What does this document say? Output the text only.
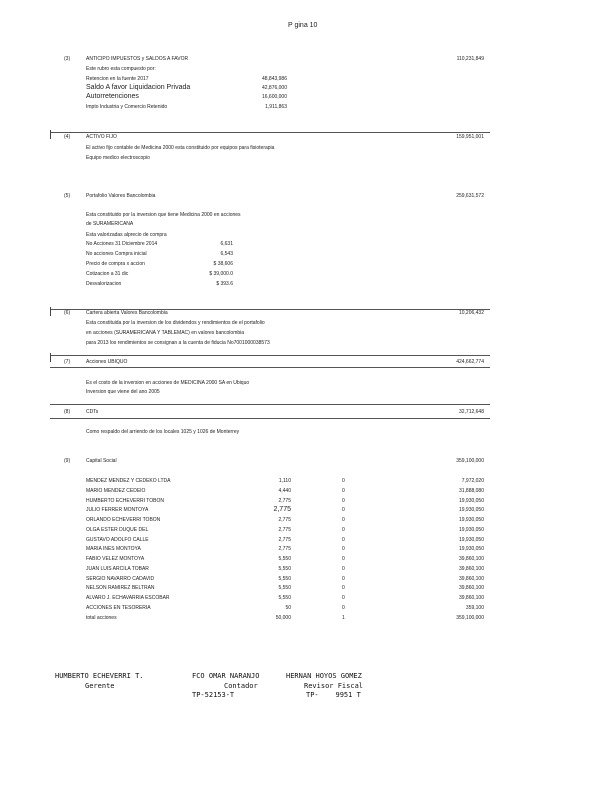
P gina 10
(3)	ANTICIPO IMPUESTOS y SALDOS A FAVOR	110,231,849
Este rubro esta compuesto por:
Retencion en la fuente 2017	48,843,986
Saldo A favor Liquidacion Privada	42,876,000
Autorretenciones	16,600,000
Impto Industria y Comercio Retenido	1,911,863
(4)	ACTIVO FIJO	159,951,001
El activo fijo contable de Medicina 2000 esta constituido por equipos para fisioterapia
Equipo medico electroscopio
(5)	Portafolio Valores Bancolombia	259,631,572
Esta constituido por la inversion que tiene Medicina 2000 en acciones
de SURAMERICANA
Esta valorizadas alprecio de compra
No Acciones 31 Diciembre 2014	6,631
No acciones Compra inicial	6,543
Precio de compra x accion	$ 38,606
Cotizacion a 31 dic	$ 39,000.0
Desvalorizacion	$ 393.6
(6)	Cartera abierta Valores Bancolombia	10,206,432
Esta constituida por la inversion de los dividendos y rendimientos de el portafolio
en acciones (SURAMERICANA Y TABLEMAC) en valores bancolombia
para 2013 los rendimientos se consignan a la cuenta de fiducia No7001000038573
(7)	Acciones UBIQUO	424,662,774
Es el costo de la inversion en acciones de MEDICINA 2000 SA en Ubiquo
Inversion que viene del ano 2005
(8)	CDTs	32,712,648
Como respaldo del arriendo de los locales 1025 y 1026 de Monterrey
(9)	Capital Social	359,100,000
MENDEZ MENDEZ Y CEDEKO LTDA	1,110	0	7,972,020
MARIO MENDEZ CEDEIO	4,440	0	31,888,080
HUMBERTO ECHEVERRI TOBON	2,775	0	19,930,050
JULIO FERRER MONTOYA	2,775	0	19,930,050
ORLANDO ECHEVERRI TOBON	2,775	0	19,930,050
OLGA ESTER DUQUE DEL	2,775	0	19,930,050
GUSTAVO ADOLFO CALLE	2,775	0	19,930,050
MARIA INES MONTOYA	2,775	0	19,930,050
FABIO VELEZ MONTOYA	5,550	0	39,860,100
JUAN LUIS ARCILA TOBAR	5,550	0	39,860,100
SERGIO NAVARRO CADAVID	5,550	0	39,860,100
NELSON RAMIREZ BELTRAN	5,550	0	39,860,100
ALVARO J. ECHAVARRIA ESCOBAR	5,550	0	39,860,100
ACCIONES EN TESORERIA	50	0	359,100
total acciones	50,000	1	359,100,000
HUMBERTO ECHEVERRI T.
Gerente
FCO OMAR NARANJO
Contador
TP-52153-T
HERNAN HOYOS GOMEZ
Revisor Fiscal
TP-    9951 T
